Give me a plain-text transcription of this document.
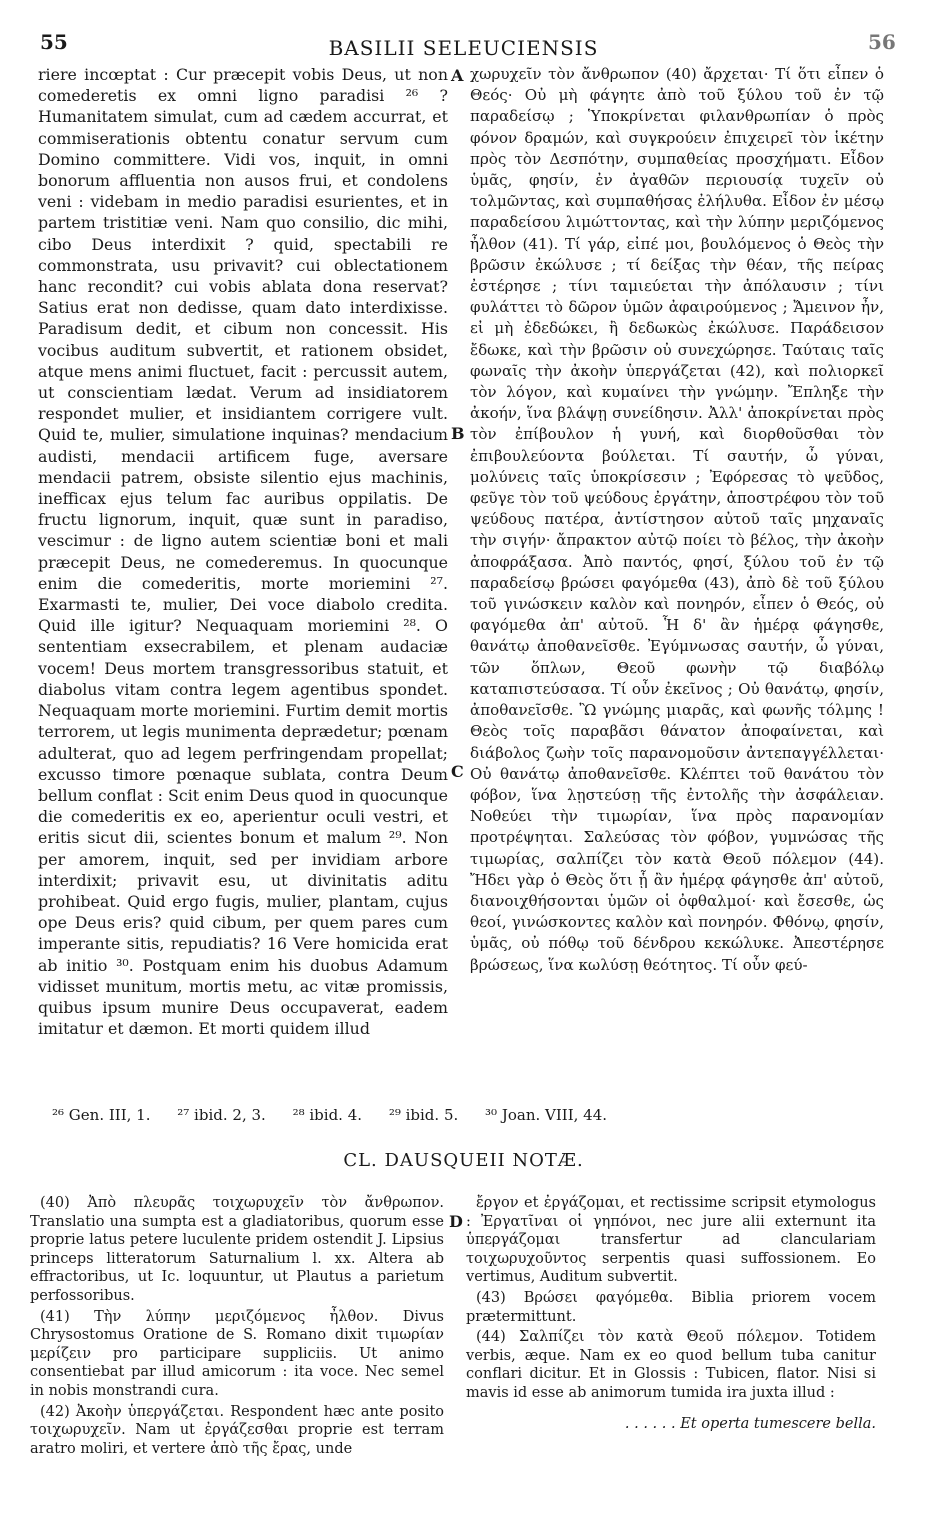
55	BASILII SELEUCIENSIS	56
A
B
C
D

riere incœptat : Cur præcepit vobis Deus, ut non comederetis ex omni ligno paradisi ²⁶ ? Humanitatem simulat, cum ad cædem accurrat, et commiserationis obtentu conatur servum cum Domino committere. Vidi vos, inquit, in omni bonorum affluentia non ausos frui, et condolens veni : videbam in medio paradisi esurientes, et in partem tristitiæ veni. Nam quo consilio, dic mihi, cibo Deus interdixit ? quid, spectabili re commonstrata, usu privavit? cui oblectationem hanc recondit? cui vobis ablata dona reservat? Satius erat non dedisse, quam dato interdixisse. Paradisum dedit, et cibum non concessit. His vocibus auditum subvertit, et rationem obsidet, atque mens animi fluctuet, facit : percussit autem, ut conscientiam lædat. Verum ad insidiatorem respondet mulier, et insidiantem corrigere vult. Quid te, mulier, simulatione inquinas? mendacium audisti, mendacii artificem fuge, aversare mendacii patrem, obsiste silentio ejus machinis, inefficax ejus telum fac auribus oppilatis. De fructu lignorum, inquit, quæ sunt in paradiso, vescimur : de ligno autem scientiæ boni et mali præcepit Deus, ne comederemus. In quocunque enim die comederitis, morte moriemini ²⁷. Exarmasti te, mulier, Dei voce diabolo credita. Quid ille igitur? Nequaquam moriemini ²⁸. O sententiam exsecrabilem, et plenam audaciæ vocem! Deus mortem transgressoribus statuit, et diabolus vitam contra legem agentibus spondet. Nequaquam morte moriemini. Furtim demit mortis terrorem, ut legis munimenta deprædetur; pœnam adulterat, quo ad legem perfringendam propellat; excusso timore pœnaque sublata, contra Deum bellum conflat : Scit enim Deus quod in quocunque die comederitis ex eo, aperientur oculi vestri, et eritis sicut dii, scientes bonum et malum ²⁹. Non per amorem, inquit, sed per invidiam arbore interdixit; privavit esu, ut divinitatis aditu prohibeat. Quid ergo fugis, mulier, plantam, cujus ope Deus eris? quid cibum, per quem pares cum imperante sitis, repudiatis? 16 Vere homicida erat ab initio ³⁰. Postquam enim his duobus Adamum vidisset munitum, mortis metu, ac vitæ promissis, quibus ipsum munire Deus occupaverat, eadem imitatur et dæmon. Et morti quidem illud

χωρυχεῖν τὸν ἄνθρωπον (40) ἄρχεται· Τί ὅτι εἶπεν ὁ Θεός· Οὐ μὴ φάγητε ἀπὸ τοῦ ξύλου τοῦ ἐν τῷ παραδείσῳ ; Ὑποκρίνεται φιλανθρωπίαν ὁ πρὸς φόνον δραμών, καὶ συγκρούειν ἐπιχειρεῖ τὸν ἱκέτην πρὸς τὸν Δεσπότην, συμπαθείας προσχήματι. Εἶδον ὑμᾶς, φησίν, ἐν ἀγαθῶν περιουσίᾳ τυχεῖν οὐ τολμῶντας, καὶ συμπαθήσας ἐλήλυθα. Εἶδον ἐν μέσῳ παραδείσου λιμώττοντας, καὶ τὴν λύπην μεριζόμενος ἦλθον (41). Τί γάρ, εἰπέ μοι, βουλόμενος ὁ Θεὸς τὴν βρῶσιν ἐκώλυσε ; τί δείξας τὴν θέαν, τῆς πείρας ἐστέρησε ; τίνι ταμιεύεται τὴν ἀπόλαυσιν ; τίνι φυλάττει τὸ δῶρον ὑμῶν ἀφαιρούμενος ; Ἄμεινον ἦν, εἰ μὴ ἐδεδώκει, ἢ δεδωκὼς ἐκώλυσε. Παράδεισον ἔδωκε, καὶ τὴν βρῶσιν οὐ συνεχώρησε. Ταύταις ταῖς φωναῖς τὴν ἀκοὴν ὑπεργάζεται (42), καὶ πολιορκεῖ τὸν λόγον, καὶ κυμαίνει τὴν γνώμην. Ἔπληξε τὴν ἀκοήν, ἵνα βλάψῃ συνείδησιν. Ἀλλ' ἀποκρίνεται πρὸς τὸν ἐπίβουλον ἡ γυνή, καὶ διορθοῦσθαι τὸν ἐπιβουλεύοντα βούλεται. Τί σαυτήν, ὦ γύναι, μολύνεις ταῖς ὑποκρίσεσιν ; Ἐφόρεσας τὸ ψεῦδος, φεῦγε τὸν τοῦ ψεύδους ἐργάτην, ἀποστρέφου τὸν τοῦ ψεύδους πατέρα, ἀντίστησον αὐτοῦ ταῖς μηχαναῖς τὴν σιγήν· ἄπρακτον αὐτῷ ποίει τὸ βέλος, τὴν ἀκοὴν ἀποφράξασα. Ἀπὸ παντός, φησί, ξύλου τοῦ ἐν τῷ παραδείσῳ βρώσει φαγόμεθα (43), ἀπὸ δὲ τοῦ ξύλου τοῦ γινώσκειν καλὸν καὶ πονηρόν, εἶπεν ὁ Θεός, οὐ φαγόμεθα ἀπ' αὐτοῦ. Ἧ δ' ἂν ἡμέρᾳ φάγησθε, θανάτῳ ἀποθανεῖσθε. Ἐγύμνωσας σαυτήν, ὦ γύναι, τῶν ὅπλων, Θεοῦ φωνὴν τῷ διαβόλῳ καταπιστεύσασα. Τί οὖν ἐκεῖνος ; Οὐ θανάτῳ, φησίν, ἀποθανεῖσθε. Ὢ γνώμης μιαρᾶς, καὶ φωνῆς τόλμης ! Θεὸς τοῖς παραβᾶσι θάνατον ἀποφαίνεται, καὶ διάβολος ζωὴν τοῖς παρανομοῦσιν ἀντεπαγγέλλεται· Οὐ θανάτῳ ἀποθανεῖσθε. Κλέπτει τοῦ θανάτου τὸν φόβον, ἵνα λῃστεύσῃ τῆς ἐντολῆς τὴν ἀσφάλειαν. Νοθεύει τὴν τιμωρίαν, ἵνα πρὸς παρανομίαν προτρέψηται. Σαλεύσας τὸν φόβον, γυμνώσας τῆς τιμωρίας, σαλπίζει τὸν κατὰ Θεοῦ πόλεμον (44). Ἤδει γὰρ ὁ Θεὸς ὅτι ᾗ ἂν ἡμέρᾳ φάγησθε ἀπ' αὐτοῦ, διανοιχθήσονται ὑμῶν οἱ ὀφθαλμοί· καὶ ἔσεσθε, ὡς θεοί, γινώσκοντες καλὸν καὶ πονηρόν. Φθόνῳ, φησίν, ὑμᾶς, οὐ πόθῳ τοῦ δένδρου κεκώλυκε. Ἀπεστέρησε βρώσεως, ἵνα κωλύσῃ θεότητος. Τί οὖν φεύ-

²⁶ Gen. III, 1. ²⁷ ibid. 2, 3. ²⁸ ibid. 4. ²⁹ ibid. 5. ³⁰ Joan. VIII, 44.
CL. DAUSQUEII NOTÆ.

(40) Ἀπὸ πλευρᾶς τοιχωρυχεῖν τὸν ἄνθρωπον. Translatio una sumpta est a gladiatoribus, quorum esse proprie latus petere luculente pridem ostendit J. Lipsius princeps litteratorum Saturnalium l. xx. Altera ab effractoribus, ut Ic. loquuntur, ut Plautus a parietum perfossoribus.

(41) Τὴν λύπην μεριζόμενος ἦλθον. Divus Chrysostomus Oratione de S. Romano dixit τιμωρίαν μερίζειν pro participare suppliciis. Ut animo consentiebat par illud amicorum : ita voce. Nec semel in nobis monstrandi cura.

(42) Ἀκοὴν ὑπεργάζεται. Respondent hæc ante posito τοιχωρυχεῖν. Nam ut ἐργάζεσθαι proprie est terram aratro moliri, et vertere ἀπὸ τῆς ἔρας, unde

ἔργον et ἐργάζομαι, et rectissime scripsit etymologus : Ἐργατῖναι οἱ γηπόνοι, nec jure alii externunt ita ὑπεργάζομαι transfertur ad clanculariam τοιχωρυχοῦντος serpentis quasi suffossionem. Eo vertimus, Auditum subvertit.

(43) Βρώσει φαγόμεθα. Biblia priorem vocem prætermittunt.

(44) Σαλπίζει τὸν κατὰ Θεοῦ πόλεμον. Totidem verbis, æque. Nam ex eo quod bellum tuba canitur conflari dicitur. Et in Glossis : Tubicen, flator. Nisi si mavis id esse ab animorum tumida ira juxta illud :

. . . . . . Et operta tumescere bella.
